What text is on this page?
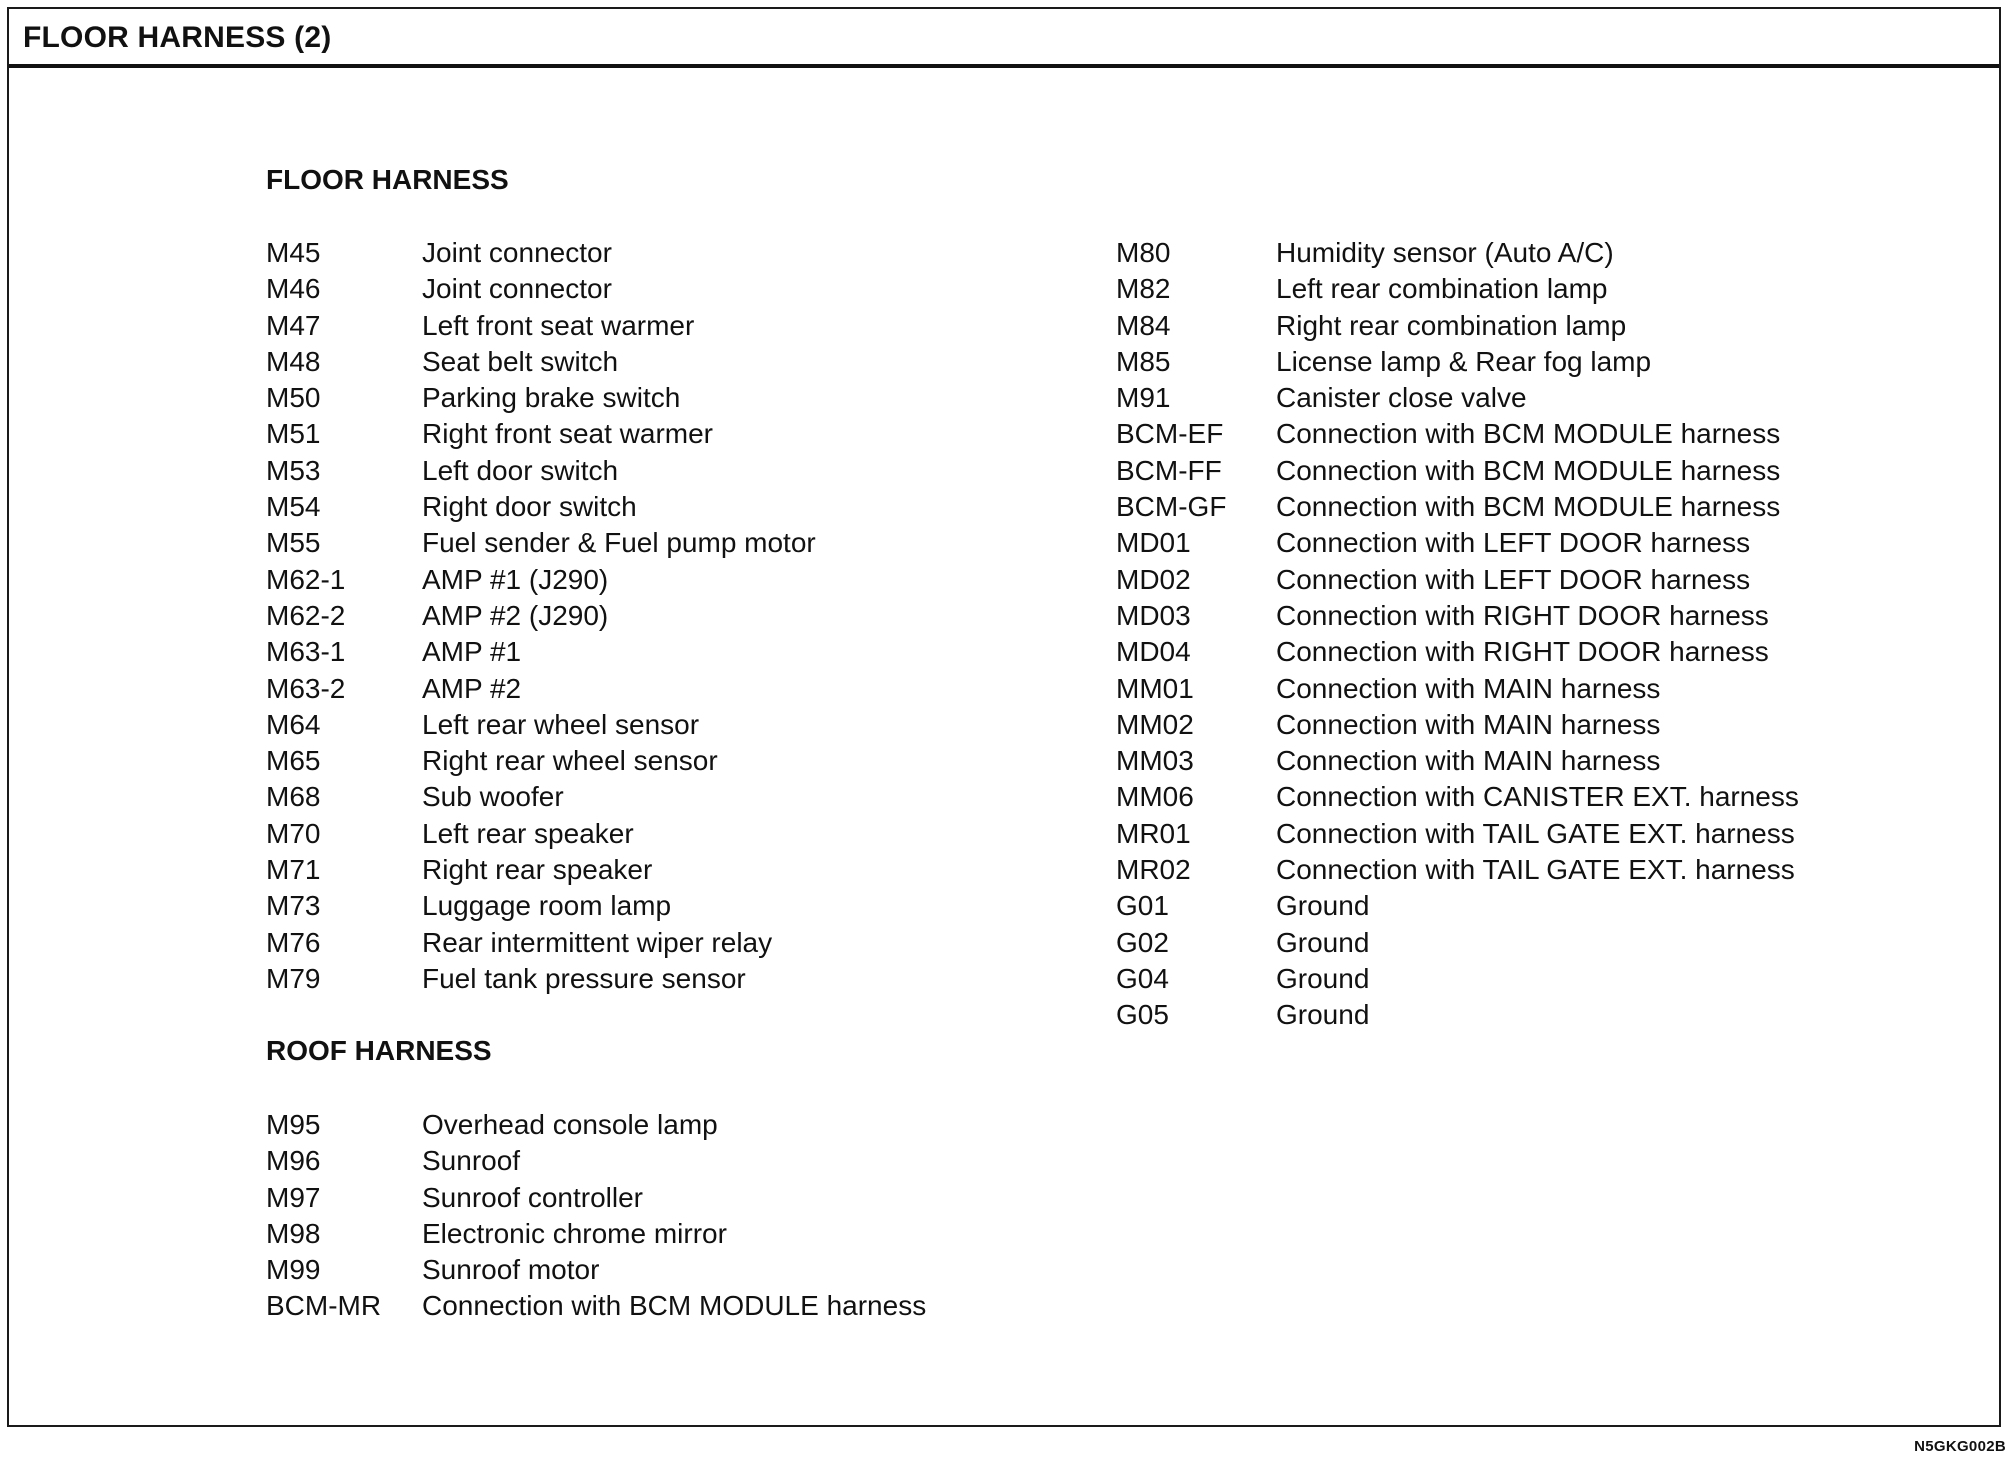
FLOOR HARNESS (2)
FLOOR HARNESS
M45	Joint connector
M46	Joint connector
M47	Left front seat warmer
M48	Seat belt switch
M50	Parking brake switch
M51	Right front seat warmer
M53	Left door switch
M54	Right door switch
M55	Fuel sender & Fuel pump motor
M62-1	AMP #1 (J290)
M62-2	AMP #2 (J290)
M63-1	AMP #1
M63-2	AMP #2
M64	Left rear wheel sensor
M65	Right rear wheel sensor
M68	Sub woofer
M70	Left rear speaker
M71	Right rear speaker
M73	Luggage room lamp
M76	Rear intermittent wiper relay
M79	Fuel tank pressure sensor
M80	Humidity sensor (Auto A/C)
M82	Left rear combination lamp
M84	Right rear combination lamp
M85	License lamp & Rear fog lamp
M91	Canister close valve
BCM-EF Connection with BCM MODULE harness
BCM-FF Connection with BCM MODULE harness
BCM-GF Connection with BCM MODULE harness
MD01	Connection with LEFT DOOR harness
MD02	Connection with LEFT DOOR harness
MD03	Connection with RIGHT DOOR harness
MD04	Connection with RIGHT DOOR harness
MM01	Connection with MAIN harness
MM02	Connection with MAIN harness
MM03	Connection with MAIN harness
MM06	Connection with CANISTER EXT. harness
MR01	Connection with TAIL GATE EXT. harness
MR02	Connection with TAIL GATE EXT. harness
G01	Ground
G02	Ground
G04	Ground
G05	Ground
ROOF HARNESS
M95	Overhead console lamp
M96	Sunroof
M97	Sunroof controller
M98	Electronic chrome mirror
M99	Sunroof motor
BCM-MR Connection with BCM MODULE harness
N5GKG002B
